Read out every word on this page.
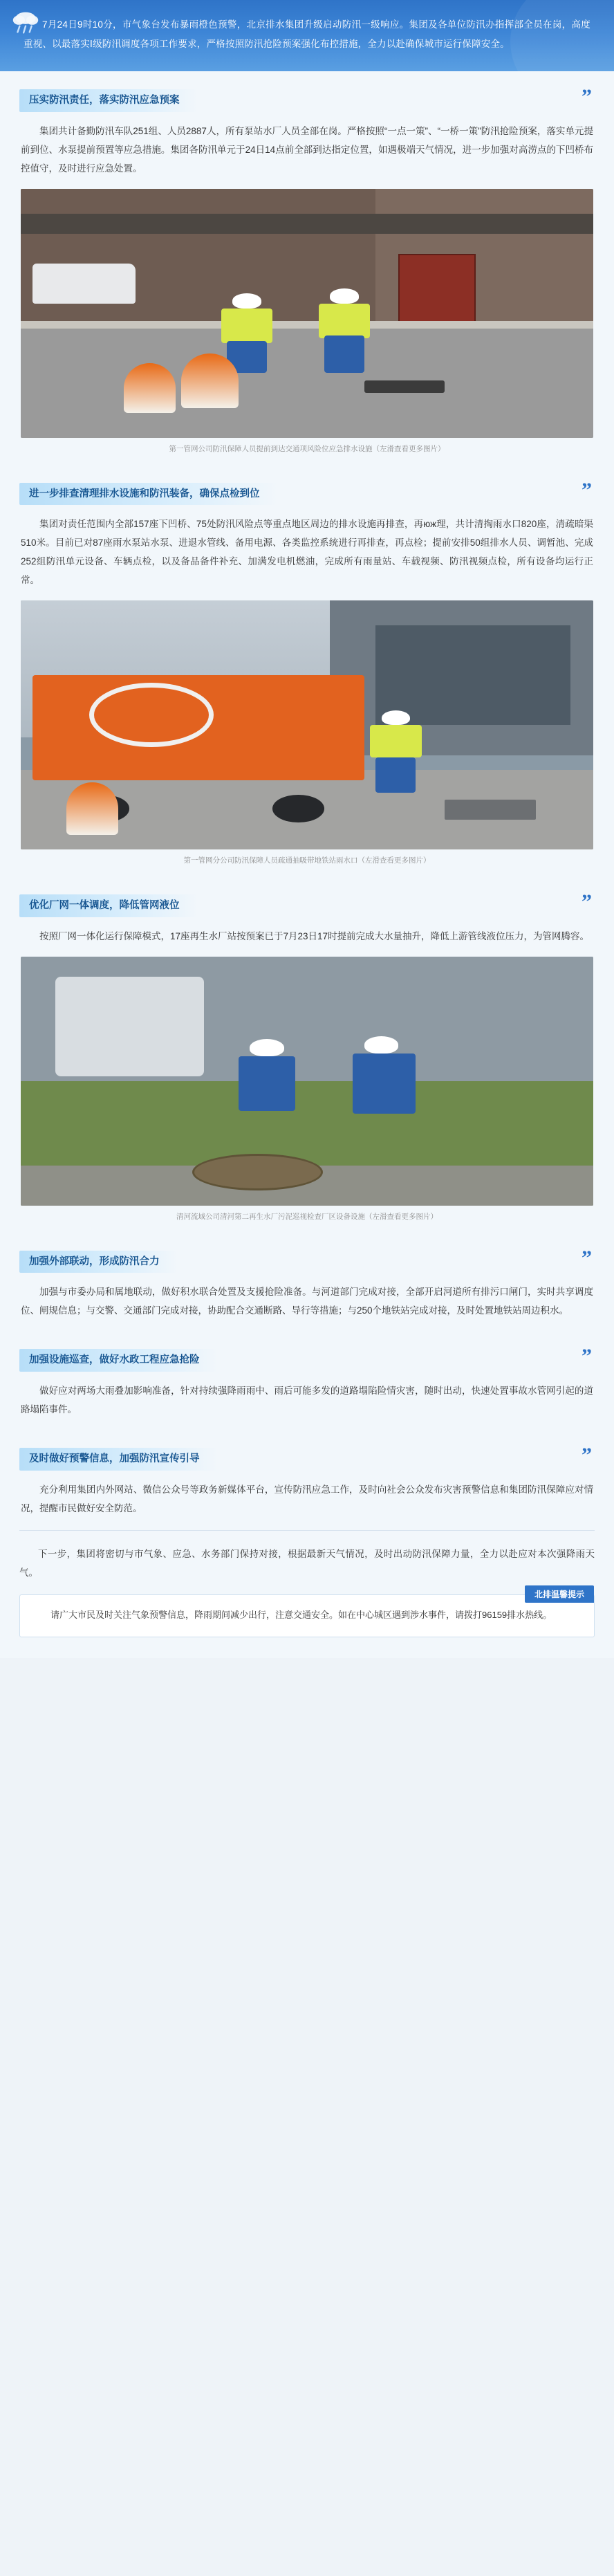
7月24日9时10分，市气象台发布暴雨橙色预警，北京排水集团升级启动防汛一级响应。集团及各单位防汛办指挥部全员在岗，高度重视、以最落实Ⅰ级防汛调度各项工作要求，严格按照防汛抢险预案强化布控措施，全力以赴确保城市运行保障安全。
压实防汛责任，落实防汛应急预案	”
集团共计备勤防汛车队251组、人员2887人，所有泵站水厂人员全部在岗。严格按照“一点一策”、“一桥一策”防汛抢险预案，落实单元提前到位、水泵提前预置等应急措施。集团各防汛单元于24日14点前全部到达指定位置，如遇极端天气情况，进一步加强对高涝点的下凹桥布控值守，及时进行应急处置。
第一管网公司防汛保障人员提前到达交通项风险位应急排水设施（左滑查看更多图片）
进一步排查清理排水设施和防汛装备，确保点检到位	”
集团对责任范围内全部157座下凹桥、75处防汛风险点等重点地区周边的排水设施再排查，再юж理，共计清掏雨水口820座，清疏暗渠510米。目前已对87座雨水泵站水泵、进退水管线、备用电源、各类监控系统进行再排查，再点检；提前安排50组排水人员、调暂池、完成252组防汛单元设备、车辆点检，以及备品备件补充、加满发电机燃油，完成所有雨量站、车载视频、防汛视频点检，所有设备均运行正常。
第一管网分公司防汛保障人员疏通抽吸带地铁站雨水口（左滑查看更多图片）
优化厂网一体调度，降低管网液位	”
按照厂网一体化运行保障模式，17座再生水厂站按预案已于7月23日17时提前完成大水量抽升，降低上游管线液位压力，为管网腾容。
清河流域公司清河第二再生水厂污泥巡视检查厂区设备设施（左滑查看更多图片）
加强外部联动，形成防汛合力	”
加强与市委办局和属地联动，做好积水联合处置及支援抢险准备。与河道部门完成对接，全部开启河道所有排污口闸门，实时共享调度位、闸规信息；与交警、交通部门完成对接，协助配合交通断路、导行等措施；与250个地铁站完成对接，及时处置地铁站周边积水。
加强设施巡查，做好水政工程应急抢险	”
做好应对两场大雨叠加影响准备，针对持续强降雨雨中、雨后可能多发的道路塌陷险情灾害，随时出动，快速处置事故水管网引起的道路塌陷事件。
及时做好预警信息，加强防汛宣传引导	”
充分利用集团内外网站、微信公众号等政务新媒体平台，宣传防汛应急工作，及时向社会公众发布灾害预警信息和集团防汛保障应对情况，提醒市民做好安全防范。
下一步，集团将密切与市气象、应急、水务部门保持对接，根据最新天气情况，及时出动防汛保障力量，全力以赴应对本次强降雨天气。
北排温馨提示
请广大市民及时关注气象预警信息，降雨期间减少出行，注意交通安全。如在中心城区遇到涉水事件，请拨打96159排水热线。
